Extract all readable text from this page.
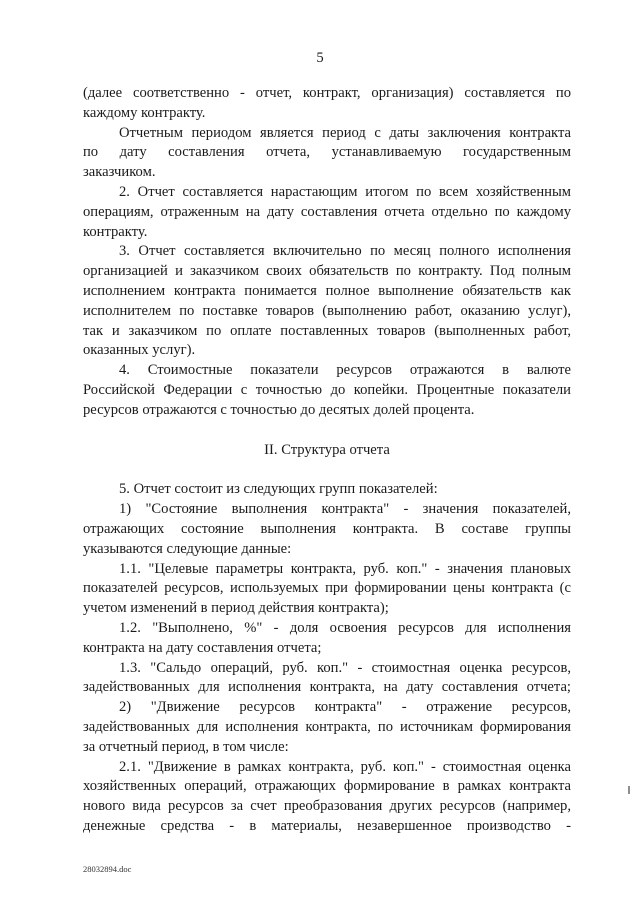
5
(далее соответственно - отчет, контракт, организация) составляется по
каждому контракту.
Отчетным периодом является период с даты заключения контракта
по дату составления отчета, устанавливаемую государственным
заказчиком.
2. Отчет составляется нарастающим итогом по всем хозяйственным
операциям, отраженным на дату составления отчета отдельно по каждому
контракту.
3. Отчет составляется включительно по месяц полного исполнения
организацией и заказчиком своих обязательств по контракту. Под полным
исполнением контракта понимается полное выполнение обязательств как
исполнителем по поставке товаров (выполнению работ, оказанию услуг),
так и заказчиком по оплате поставленных товаров (выполненных работ,
оказанных услуг).
4. Стоимостные показатели ресурсов отражаются в валюте
Российской Федерации с точностью до копейки. Процентные показатели
ресурсов отражаются с точностью до десятых долей процента.
II. Структура отчета
5. Отчет состоит из следующих групп показателей:
1) "Состояние выполнения контракта" - значения показателей,
отражающих состояние выполнения контракта. В составе группы
указываются следующие данные:
1.1. "Целевые параметры контракта, руб. коп." - значения плановых
показателей ресурсов, используемых при формировании цены контракта (с
учетом изменений в период действия контракта);
1.2. "Выполнено, %" - доля освоения ресурсов для исполнения
контракта на дату составления отчета;
1.3. "Сальдо операций, руб. коп." - стоимостная оценка ресурсов,
задействованных для исполнения контракта, на дату составления отчета;
2) "Движение ресурсов контракта" - отражение ресурсов,
задействованных для исполнения контракта, по источникам формирования
за отчетный период, в том числе:
2.1. "Движение в рамках контракта, руб. коп." - стоимостная оценка
хозяйственных операций, отражающих формирование в рамках контракта
нового вида ресурсов за счет преобразования других ресурсов (например,
денежные средства - в материалы, незавершенное производство -
28032894.doc
